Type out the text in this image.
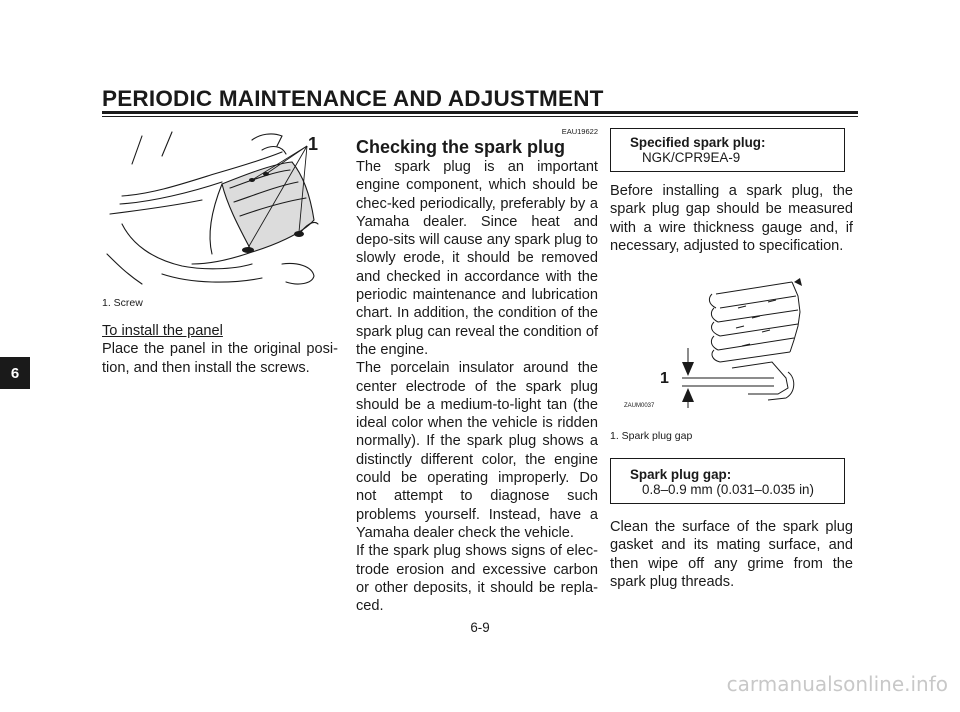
PERIODIC MAINTENANCE AND ADJUSTMENT
6
1
1. Screw

To install the panel

Place the panel in the original posi-tion, and then install the screws.

EAU19622
Checking the spark plug

The spark plug is an important engine component, which should be chec-ked periodically, preferably by a Yamaha dealer. Since heat and depo-sits will cause any spark plug to slowly erode, it should be removed and checked in accordance with the periodic maintenance and lubrication chart. In addition, the condition of the spark plug can reveal the condition of the engine.

The porcelain insulator around the center electrode of the spark plug should be a medium-to-light tan (the ideal color when the vehicle is ridden normally). If the spark plug shows a distinctly different color, the engine could be operating improperly. Do not attempt to diagnose such problems yourself. Instead, have a Yamaha dealer check the vehicle.

If the spark plug shows signs of elec-trode erosion and excessive carbon or other deposits, it should be repla-ced.

Specified spark plug:
NGK/CPR9EA-9

Before installing a spark plug, the spark plug gap should be measured with a wire thickness gauge and, if necessary, adjusted to specification.

1
ZAUM0037
1. Spark plug gap
Spark plug gap:
0.8–0.9 mm (0.031–0.035 in)

Clean the surface of the spark plug gasket and its mating surface, and then wipe off any grime from the spark plug threads.

6-9
carmanualsonline.info
